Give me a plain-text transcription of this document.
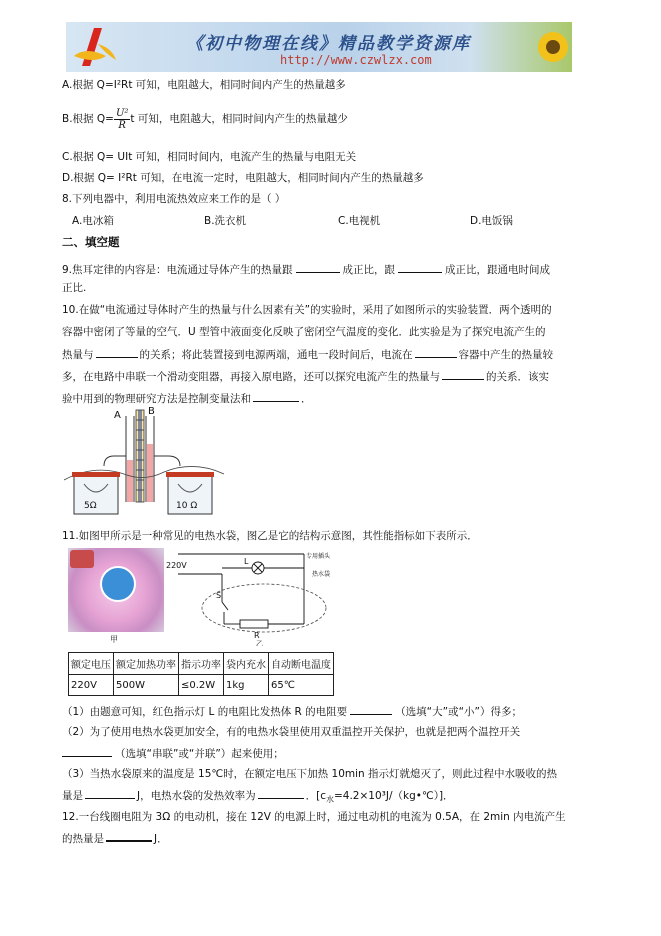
《初中物理在线》精品教学资源库
http://www.czwlzx.com
A.根据 Q=I²Rt 可知，电阻越大，相同时间内产生的热量越多
B.根据 $Q= \frac{\text{U²}}{R}$ t 可知，电阻越大，相同时间内产生的热量越少
C.根据 Q= UIt 可知，相同时间内，电流产生的热量与电阻无关
D.根据 Q= I²Rt 可知，在电流一定时，电阻越大，相同时间内产生的热量越多
8.下列电器中，利用电流热效应来工作的是（ ）
A.电冰箱	B.洗衣机	C.电视机	D.电饭锅
二、填空题
9.焦耳定律的内容是：电流通过导体产生的热量跟	成正比，跟	成正比，跟通电时间成
正比.
10.在做“电流通过导体时产生的热量与什么因素有关”的实验时，采用了如图所示的实验装置．两个透明的
容器中密闭了等量的空气．U 型管中液面变化反映了密闭空气温度的变化．此实验是为了探究电流产生的
热量与	的关系；将此装置接到电源两端，通电一段时间后，电流在	容器中产生的热量较
多，在电路中串联一个滑动变阻器，再接入原电路，还可以探究电流产生的热量与	的关系．该实
验中用到的物理研究方法是控制变量法和	．
A	B
5Ω	10 Ω
11.如图甲所示是一种常见的电热水袋，图乙是它的结构示意图，其性能指标如下表所示．
甲
220V	L
S
R
专用插头
热水袋
乙
额定电压	额定加热功率	指示功率	袋内充水	自动断电温度
220V	500W	≤0.2W	1kg	65℃
（1）由题意可知，红色指示灯 L 的电阻比发热体 R 的电阻要	（选填“大”或“小”）得多；
（2）为了使用电热水袋更加安全，有的电热水袋里使用双重温控开关保护，也就是把两个温控开关
（选填“串联”或“并联”）起来使用；
（3）当热水袋原来的温度是 15℃时，在额定电压下加热 10min 指示灯就熄灭了，则此过程中水吸收的热
量是	J，电热水袋的发热效率为	．$[c_水=4.2\times 10^3J/(kg•℃)]$．
12.一台线圈电阻为 3Ω 的电动机，接在 12V 的电源上时，通过电动机的电流为 0.5A，在 2min 内电流产生
的热量是	J．
